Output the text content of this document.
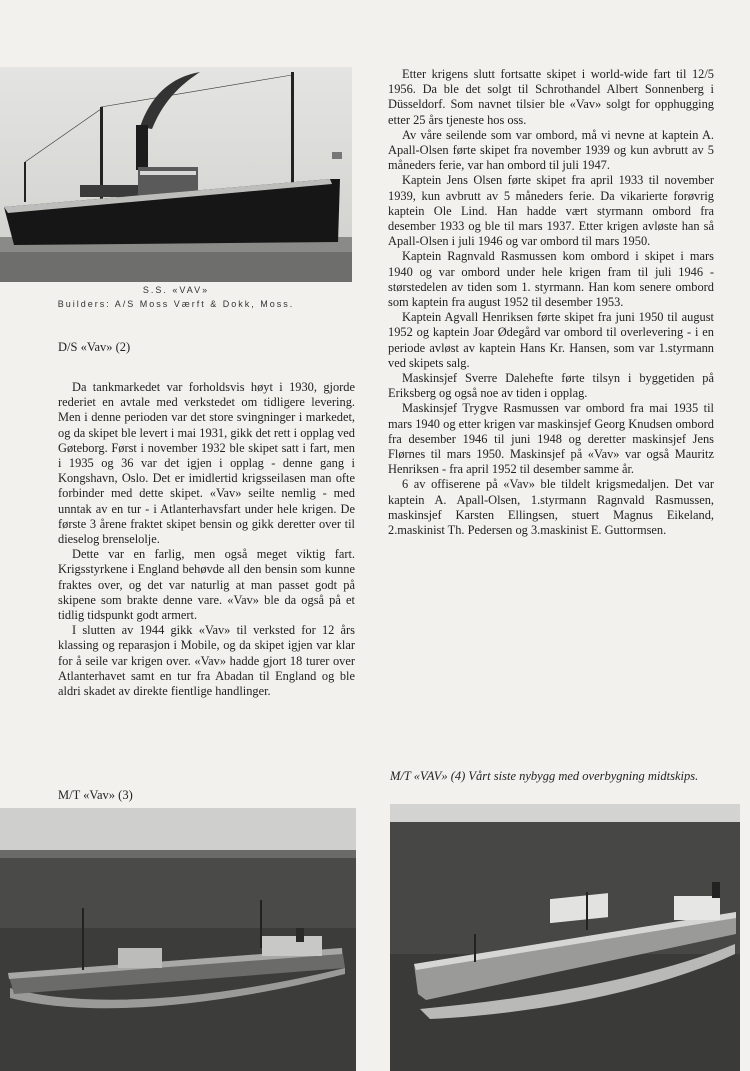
S.S. «VAV»
Builders: A/S Moss Værft & Dokk, Moss.
D/S «Vav» (2)

Da tankmarkedet var forholdsvis høyt i 1930, gjorde rederiet en avtale med verkstedet om tidligere levering. Men i denne perioden var det store svingninger i markedet, og da skipet ble levert i mai 1931, gikk det rett i opplag ved Gøteborg. Først i november 1932 ble skipet satt i fart, men i 1935 og 36 var det igjen i opplag - denne gang i Kongshavn, Oslo. Det er imidlertid krigsseilasen man ofte forbinder med dette skipet. «Vav» seilte nemlig - med unntak av en tur - i Atlanterhavsfart under hele krigen. De første 3 årene fraktet skipet bensin og gikk deretter over til dieselog brenselolje.

Dette var en farlig, men også meget viktig fart. Krigsstyrkene i England behøvde all den bensin som kunne fraktes over, og det var naturlig at man passet godt på skipene som brakte denne vare. «Vav» ble da også på et tidlig tidspunkt godt armert.

I slutten av 1944 gikk «Vav» til verksted for 12 års klassing og reparasjon i Mobile, og da skipet igjen var klar for å seile var krigen over. «Vav» hadde gjort 18 turer over Atlanterhavet samt en tur fra Abadan til England og ble aldri skadet av direkte fientlige handlinger.

Etter krigens slutt fortsatte skipet i world-wide fart til 12/5 1956. Da ble det solgt til Schrothandel Albert Sonnenberg i Düsseldorf. Som navnet tilsier ble «Vav» solgt for opphugging etter 25 års tjeneste hos oss.

Av våre seilende som var ombord, må vi nevne at kaptein A. Apall-Olsen førte skipet fra november 1939 og kun avbrutt av 5 måneders ferie, var han ombord til juli 1947.

Kaptein Jens Olsen førte skipet fra april 1933 til november 1939, kun avbrutt av 5 måneders ferie. Da vikarierte forøvrig kaptein Ole Lind. Han hadde vært styrmann ombord fra desember 1933 og ble til mars 1937. Etter krigen avløste han så Apall-Olsen i juli 1946 og var ombord til mars 1950.

Kaptein Ragnvald Rasmussen kom ombord i skipet i mars 1940 og var ombord under hele krigen fram til juli 1946 - størstedelen av tiden som 1. styrmann. Han kom senere ombord som kaptein fra august 1952 til desember 1953.

Kaptein Agvall Henriksen førte skipet fra juni 1950 til august 1952 og kaptein Joar Ødegård var ombord til overlevering - i en periode avløst av kaptein Hans Kr. Hansen, som var 1.styrmann ved skipets salg.

Maskinsjef Sverre Dalehefte førte tilsyn i byggetiden på Eriksberg og også noe av tiden i opplag.

Maskinsjef Trygve Rasmussen var ombord fra mai 1935 til mars 1940 og etter krigen var maskinsjef Georg Knudsen ombord fra desember 1946 til juni 1948 og deretter maskinsjef Jens Flørnes til mars 1950. Maskinsjef på «Vav» var også Mauritz Henriksen - fra april 1952 til desember samme år.

6 av offiserene på «Vav» ble tildelt krigsmedaljen. Det var kaptein A. Apall-Olsen, 1.styrmann Ragnvald Rasmussen, maskinsjef Karsten Ellingsen, stuert Magnus Eikeland, 2.maskinist Th. Pedersen og 3.maskinist E. Guttormsen.

M/T «Vav» (3)
M/T «VAV» (4) Vårt siste nybygg med overbygning midtskips.
